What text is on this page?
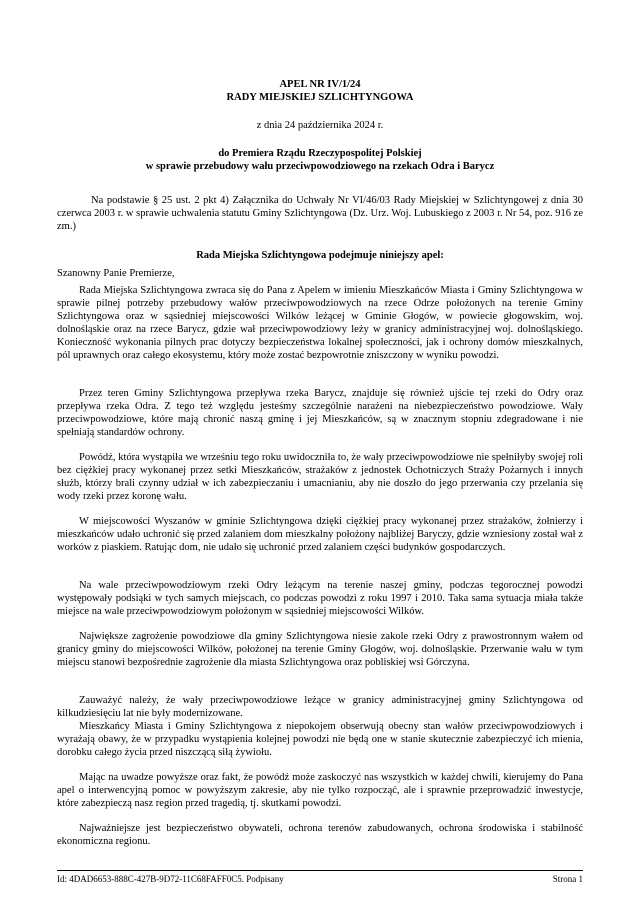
APEL NR IV/1/24
RADY MIEJSKIEJ SZLICHTYNGOWA
z dnia 24 października 2024 r.
do Premiera Rządu Rzeczypospolitej Polskiej
w sprawie przebudowy wału przeciwpowodziowego na rzekach Odra i Barycz

Na podstawie § 25 ust. 2 pkt 4) Załącznika do Uchwały Nr VI/46/03 Rady Miejskiej w Szlichtyngowej z dnia 30 czerwca 2003 r. w sprawie uchwalenia statutu Gminy Szlichtyngowa (Dz. Urz. Woj. Lubuskiego z 2003 r. Nr 54, poz. 916 ze zm.)

Rada Miejska Szlichtyngowa podejmuje niniejszy apel:
Szanowny Panie Premierze,

Rada Miejska Szlichtyngowa zwraca się do Pana z Apelem w imieniu Mieszkańców Miasta i Gminy Szlichtyngowa w sprawie pilnej potrzeby przebudowy wałów przeciwpowodziowych na rzece Odrze położonych na terenie Gminy Szlichtyngowa oraz w sąsiedniej miejscowości Wilków leżącej w Gminie Głogów, w powiecie głogowskim, woj. dolnośląskie oraz na rzece Barycz, gdzie wał przeciwpowodziowy leży w granicy administracyjnej woj. dolnośląskiego. Konieczność wykonania pilnych prac dotyczy bezpieczeństwa lokalnej społeczności, jak i ochrony domów mieszkalnych, pól uprawnych oraz całego ekosystemu, który może zostać bezpowrotnie zniszczony w wyniku powodzi.

Przez teren Gminy Szlichtyngowa przepływa rzeka Barycz, znajduje się również ujście tej rzeki do Odry oraz przepływa rzeka Odra. Z tego też względu jesteśmy szczególnie narażeni na niebezpieczeństwo powodziowe. Wały przeciwpowodziowe, które mają chronić naszą gminę i jej Mieszkańców, są w znacznym stopniu zdegradowane i nie spełniają standardów ochrony.

Powódź, która wystąpiła we wrześniu tego roku uwidoczniła to, że wały przeciwpowodziowe nie spełniłyby swojej roli bez ciężkiej pracy wykonanej przez setki Mieszkańców, strażaków z jednostek Ochotniczych Straży Pożarnych i innych służb, którzy brali czynny udział w ich zabezpieczaniu i umacnianiu, aby nie doszło do jego przerwania czy przelania się wody rzeki przez koronę wału.

W miejscowości Wyszanów w gminie Szlichtyngowa dzięki ciężkiej pracy wykonanej przez strażaków, żołnierzy i mieszkańców udało uchronić się przed zalaniem dom mieszkalny położony najbliżej Baryczy, gdzie wzniesiony został wał z worków z piaskiem. Ratując dom, nie udało się uchronić przed zalaniem części budynków gospodarczych.

Na wale przeciwpowodziowym rzeki Odry leżącym na terenie naszej gminy, podczas tegorocznej powodzi występowały podsiąki w tych samych miejscach, co podczas powodzi z roku 1997 i 2010. Taka sama sytuacja miała także miejsce na wale przeciwpowodziowym położonym w sąsiedniej miejscowości Wilków.

Największe zagrożenie powodziowe dla gminy Szlichtyngowa niesie zakole rzeki Odry z prawostronnym wałem od granicy gminy do miejscowości Wilków, położonej na terenie Gminy Głogów, woj. dolnośląskie. Przerwanie wału w tym miejscu stanowi bezpośrednie zagrożenie dla miasta Szlichtyngowa oraz pobliskiej wsi Górczyna.

Zauważyć należy, że wały przeciwpowodziowe leżące w granicy administracyjnej gminy Szlichtyngowa od kilkudziesięciu lat nie były modernizowane.

Mieszkańcy Miasta i Gminy Szlichtyngowa z niepokojem obserwują obecny stan wałów przeciwpowodziowych i wyrażają obawy, że w przypadku wystąpienia kolejnej powodzi nie będą one w stanie skutecznie zabezpieczyć ich mienia, dorobku całego życia przed niszczącą siłą żywiołu.

Mając na uwadze powyższe oraz fakt, że powódź może zaskoczyć nas wszystkich w każdej chwili, kierujemy do Pana apel o interwencyjną pomoc w powyższym zakresie, aby nie tylko rozpocząć, ale i sprawnie przeprowadzić inwestycje, które zabezpieczą nasz region przed tragedią, tj. skutkami powodzi.

Najważniejsze jest bezpieczeństwo obywateli, ochrona terenów zabudowanych, ochrona środowiska i stabilność ekonomiczna regionu.

Id: 4DAD6653-888C-427B-9D72-11C68FAFF0C5. Podpisany	Strona 1
